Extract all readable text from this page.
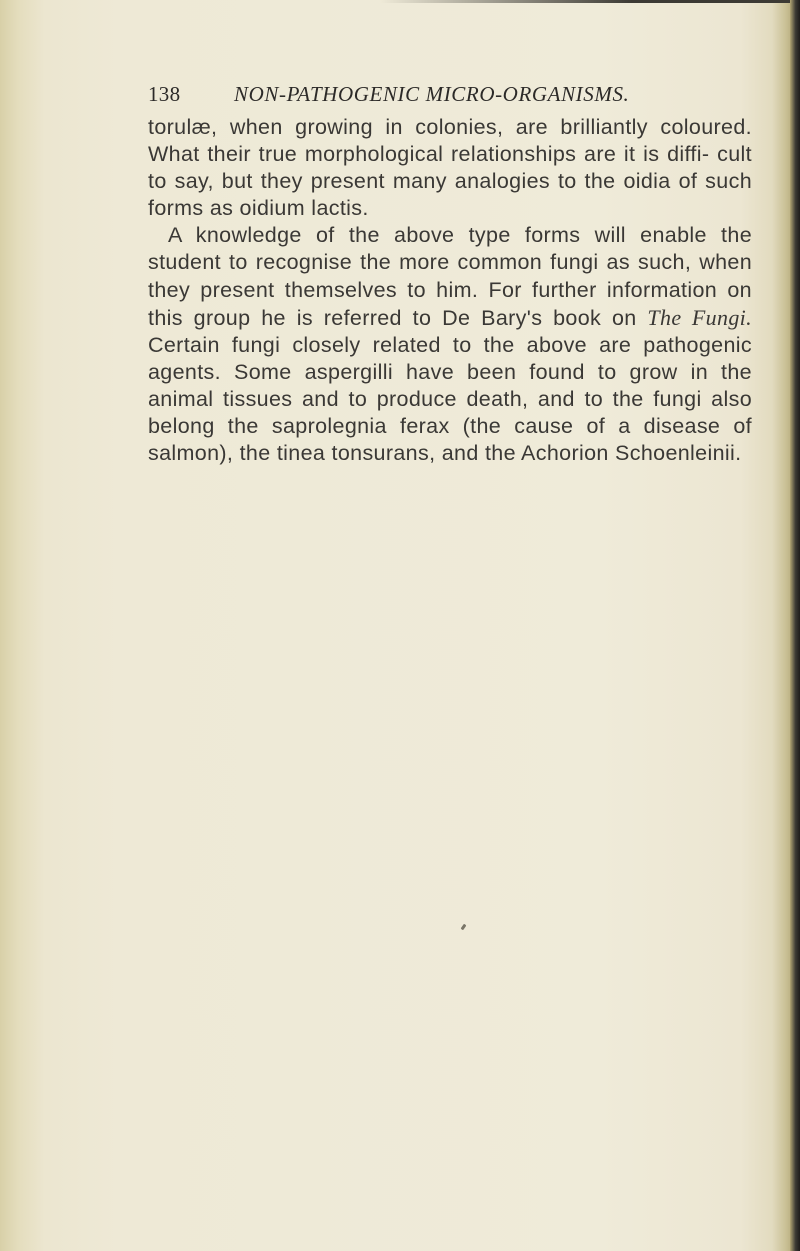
138	NON-PATHOGENIC MICRO-ORGANISMS.

torulæ, when growing in colonies, are brilliantly coloured. What their true morphological relationships are it is diffi- cult to say, but they present many analogies to the oidia of such forms as oidium lactis.

A knowledge of the above type forms will enable the student to recognise the more common fungi as such, when they present themselves to him. For further information on this group he is referred to De Bary's book on The Fungi. Certain fungi closely related to the above are pathogenic agents. Some aspergilli have been found to grow in the animal tissues and to produce death, and to the fungi also belong the saprolegnia ferax (the cause of a disease of salmon), the tinea tonsurans, and the Achorion Schoenleinii.
